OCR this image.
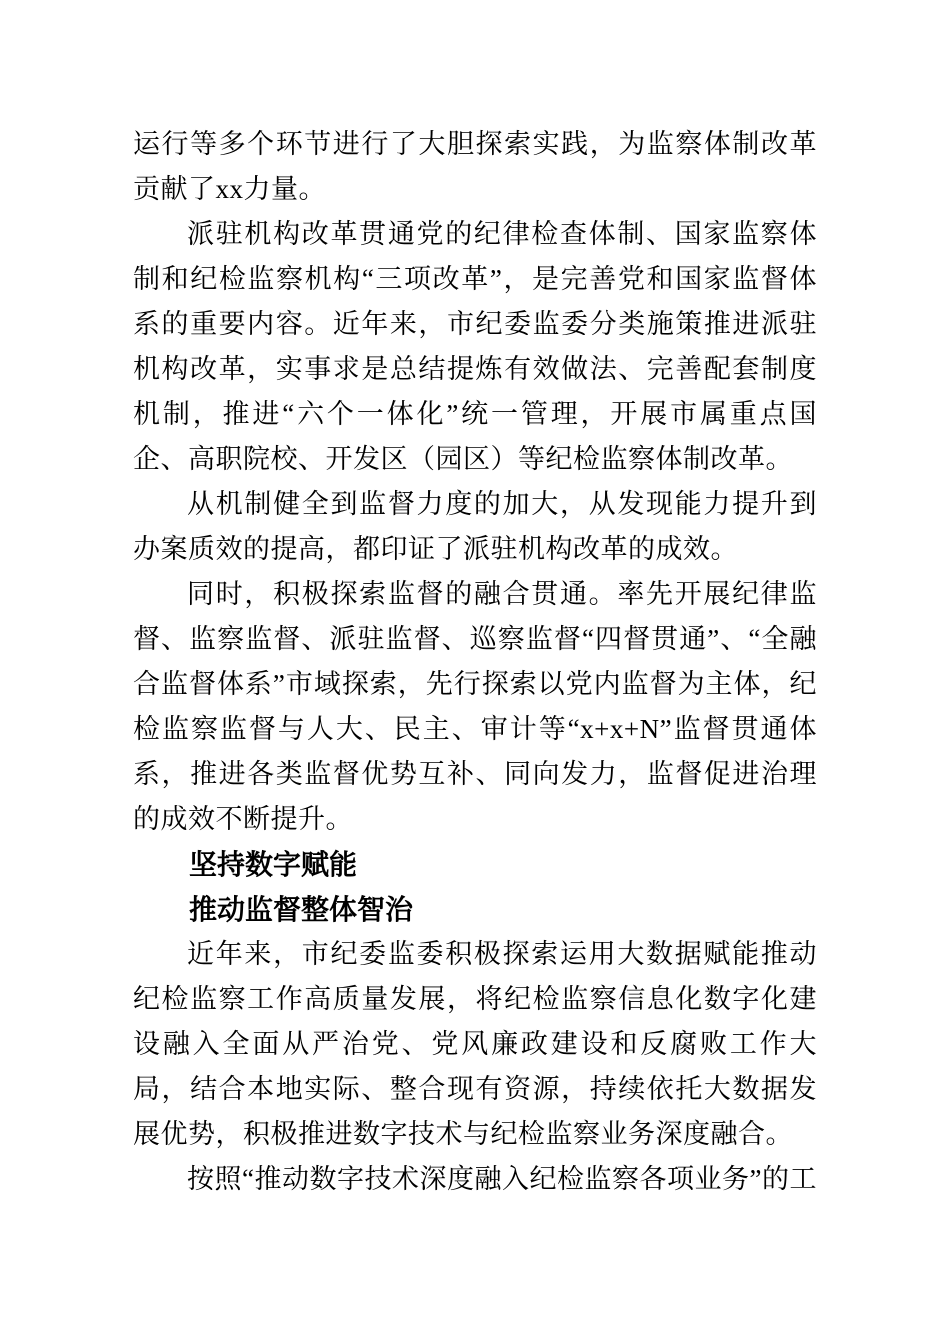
运行等多个环节进行了大胆探索实践，为监察体制改革贡献了xx力量。

派驻机构改革贯通党的纪律检查体制、国家监察体制和纪检监察机构“三项改革”，是完善党和国家监督体系的重要内容。近年来，市纪委监委分类施策推进派驻机构改革，实事求是总结提炼有效做法、完善配套制度机制，推进“六个一体化”统一管理，开展市属重点国企、高职院校、开发区（园区）等纪检监察体制改革。

从机制健全到监督力度的加大，从发现能力提升到办案质效的提高，都印证了派驻机构改革的成效。

同时，积极探索监督的融合贯通。率先开展纪律监督、监察监督、派驻监督、巡察监督“四督贯通”、“全融合监督体系”市域探索，先行探索以党内监督为主体，纪检监察监督与人大、民主、审计等“x+x+N”监督贯通体系，推进各类监督优势互补、同向发力，监督促进治理的成效不断提升。

坚持数字赋能

推动监督整体智治

近年来，市纪委监委积极探索运用大数据赋能推动纪检监察工作高质量发展，将纪检监察信息化数字化建设融入全面从严治党、党风廉政建设和反腐败工作大局，结合本地实际、整合现有资源，持续依托大数据发展优势，积极推进数字技术与纪检监察业务深度融合。

按照“推动数字技术深度融入纪检监察各项业务”的工
